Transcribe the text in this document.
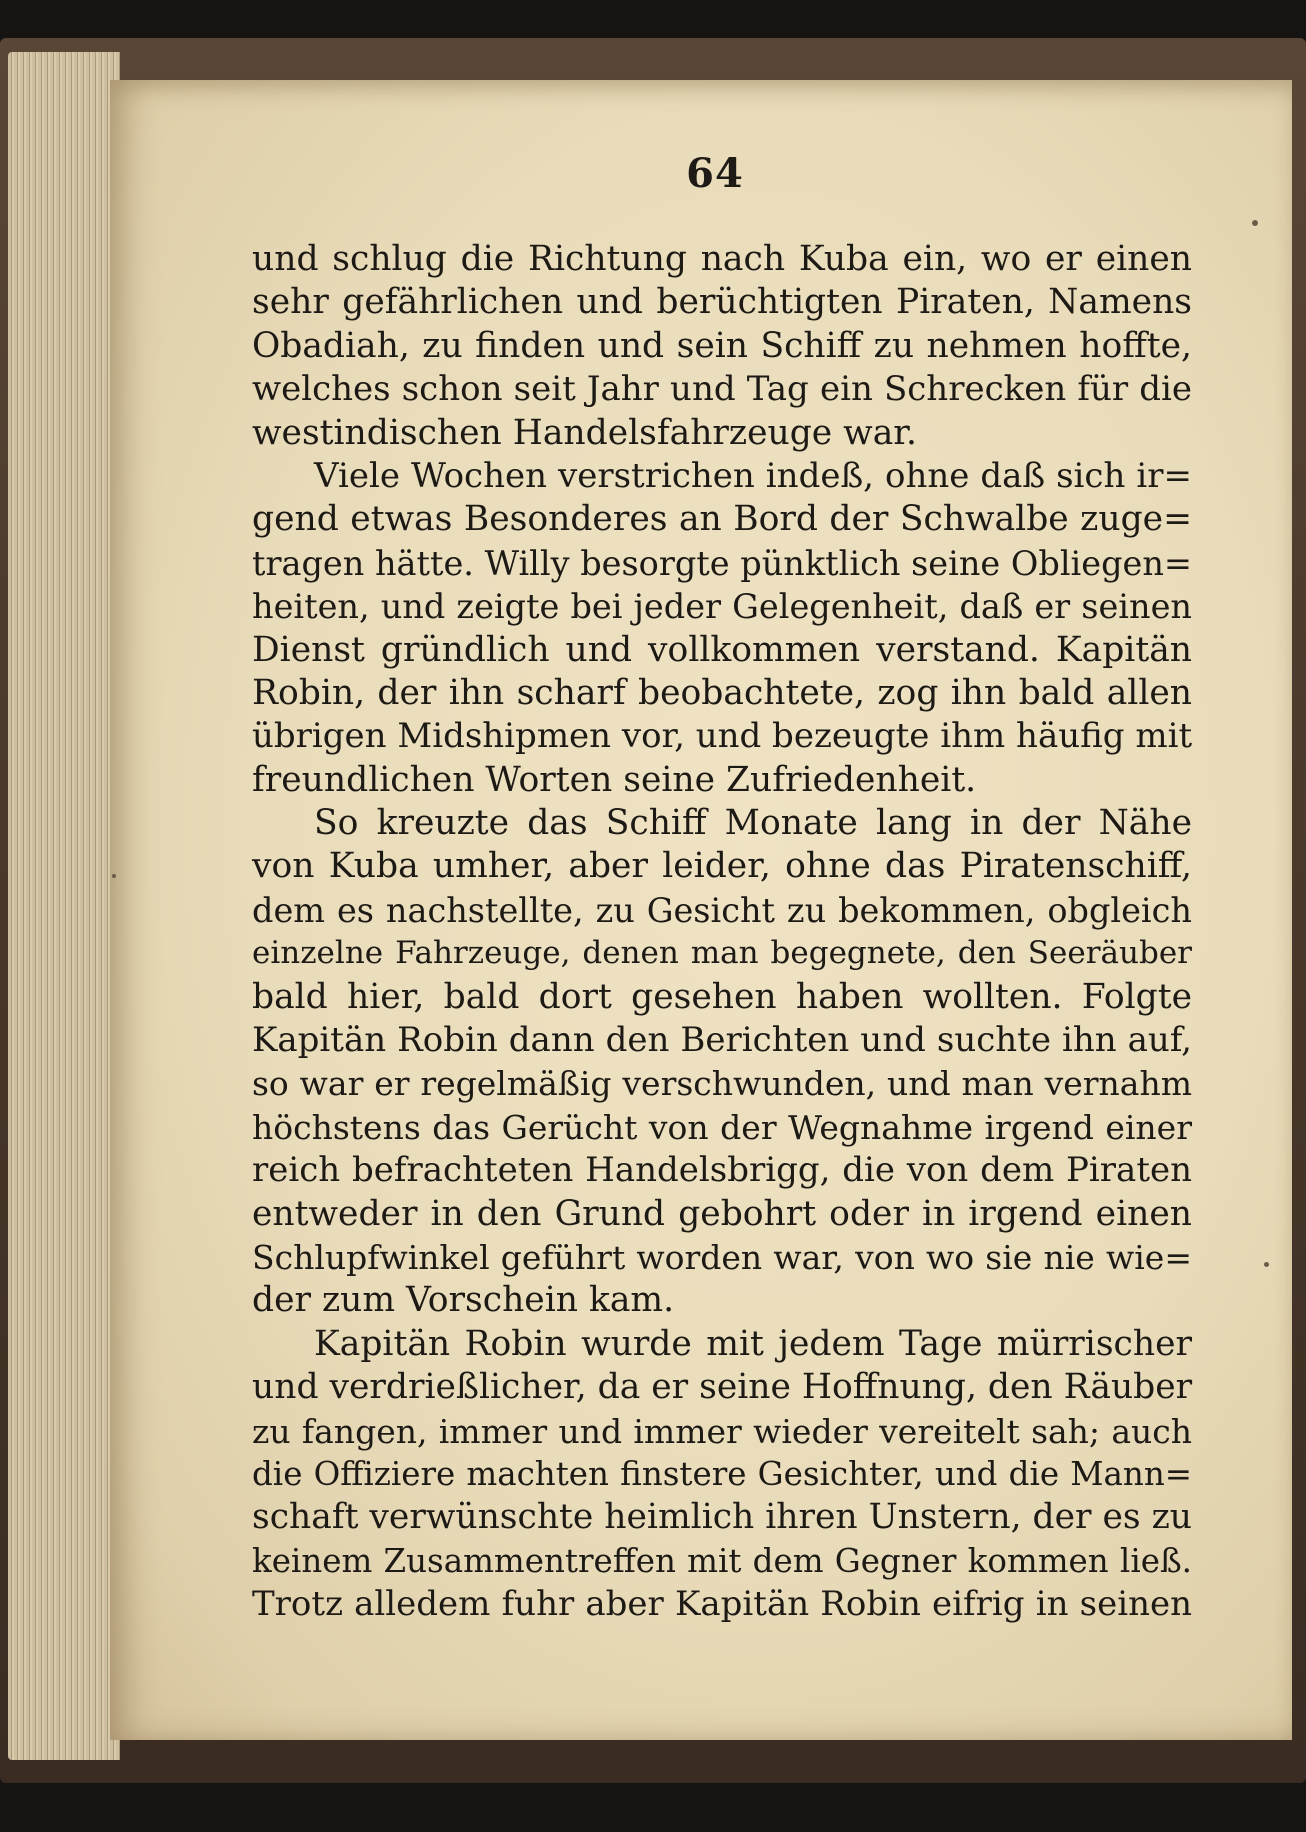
64
und schlug die Richtung nach Kuba ein, wo er einen
sehr gefährlichen und berüchtigten Piraten, Namens
Obadiah, zu finden und sein Schiff zu nehmen hoffte,
welches schon seit Jahr und Tag ein Schrecken für die
westindischen Handelsfahrzeuge war.
Viele Wochen verstrichen indeß, ohne daß sich ir=
gend etwas Besonderes an Bord der Schwalbe zuge=
tragen hätte. Willy besorgte pünktlich seine Obliegen=
heiten, und zeigte bei jeder Gelegenheit, daß er seinen
Dienst gründlich und vollkommen verstand. Kapitän
Robin, der ihn scharf beobachtete, zog ihn bald allen
übrigen Midshipmen vor, und bezeugte ihm häufig mit
freundlichen Worten seine Zufriedenheit.
So kreuzte das Schiff Monate lang in der Nähe
von Kuba umher, aber leider, ohne das Piratenschiff,
dem es nachstellte, zu Gesicht zu bekommen, obgleich
einzelne Fahrzeuge, denen man begegnete, den Seeräuber
bald hier, bald dort gesehen haben wollten. Folgte
Kapitän Robin dann den Berichten und suchte ihn auf,
so war er regelmäßig verschwunden, und man vernahm
höchstens das Gerücht von der Wegnahme irgend einer
reich befrachteten Handelsbrigg, die von dem Piraten
entweder in den Grund gebohrt oder in irgend einen
Schlupfwinkel geführt worden war, von wo sie nie wie=
der zum Vorschein kam.
Kapitän Robin wurde mit jedem Tage mürrischer
und verdrießlicher, da er seine Hoffnung, den Räuber
zu fangen, immer und immer wieder vereitelt sah; auch
die Offiziere machten finstere Gesichter, und die Mann=
schaft verwünschte heimlich ihren Unstern, der es zu
keinem Zusammentreffen mit dem Gegner kommen ließ.
Trotz alledem fuhr aber Kapitän Robin eifrig in seinen
